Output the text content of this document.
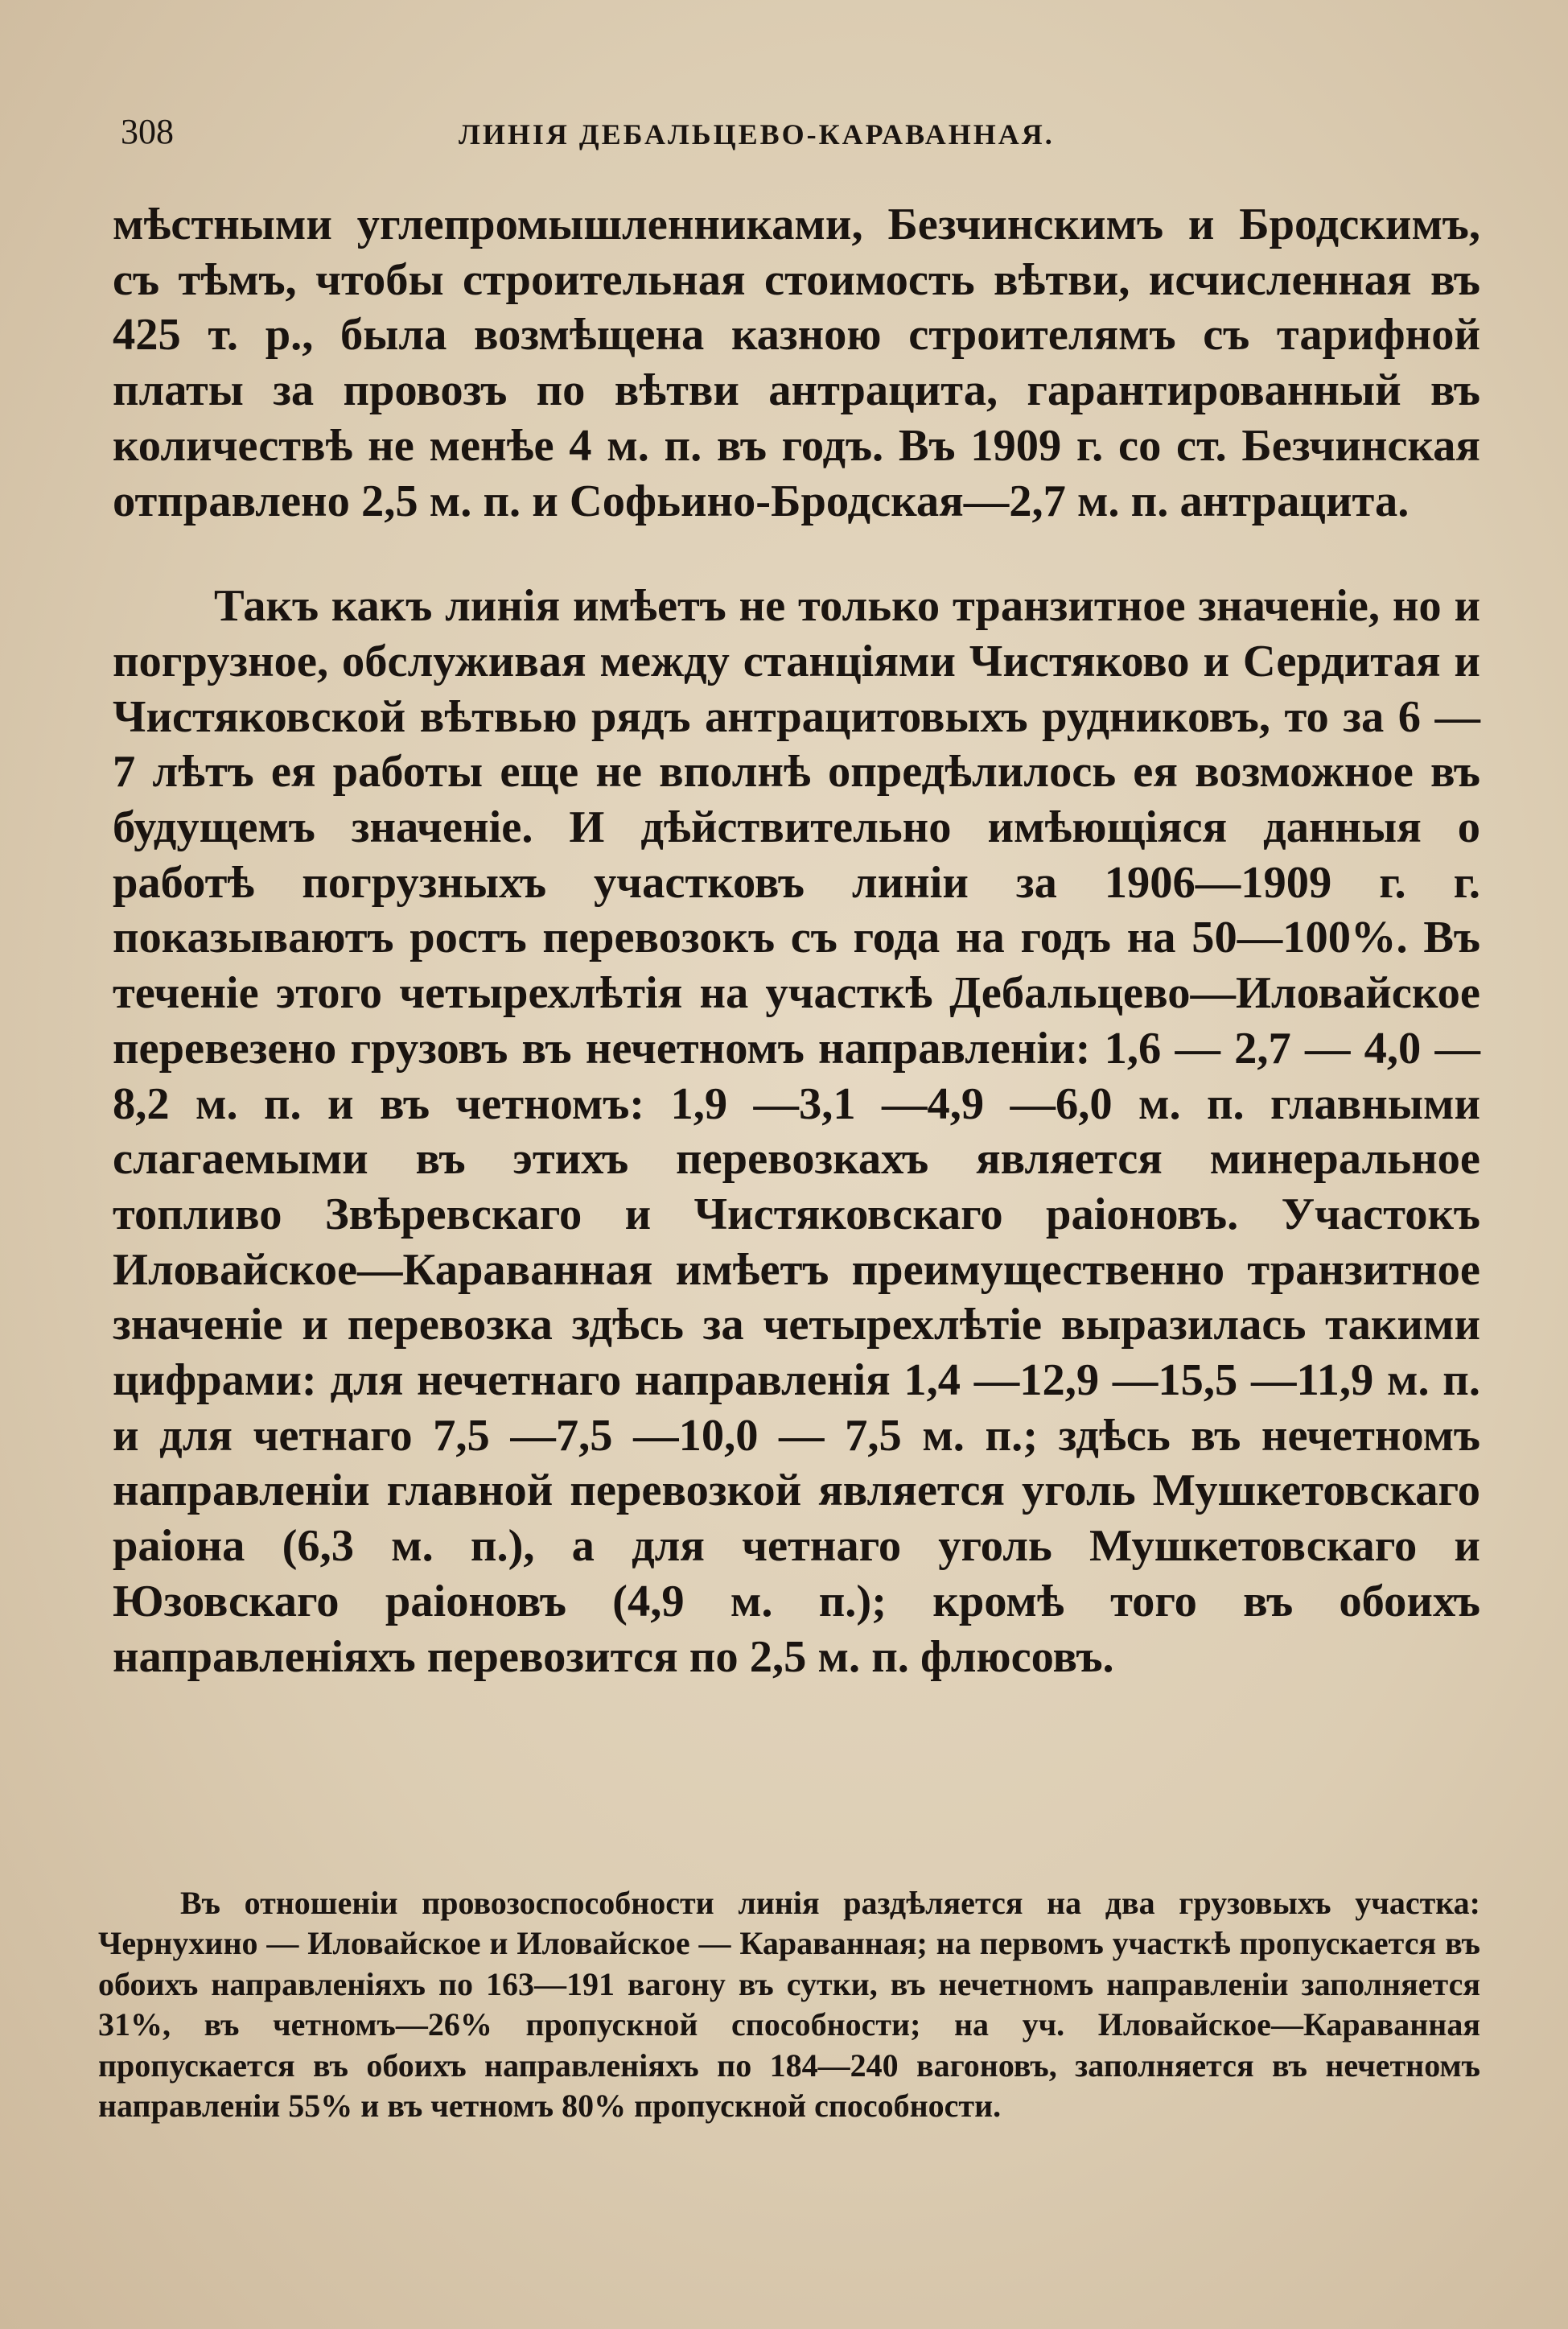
308	ЛИНІЯ ДЕБАЛЬЦЕВО-КАРАВАННАЯ.

мѣстными углепромышленниками, Безчинскимъ и Бродскимъ, съ тѣмъ, чтобы строительная стоимость вѣтви, исчисленная въ 425 т. р., была возмѣщена казною строителямъ съ тарифной платы за провозъ по вѣтви антрацита, гарантированный въ количествѣ не менѣе 4 м. п. въ годъ. Въ 1909 г. со ст. Безчинская отправлено 2,5 м. п. и Софьино-Бродская—2,7 м. п. антрацита.

Такъ какъ линія имѣетъ не только транзитное значеніе, но и погрузное, обслуживая между станціями Чистяково и Сердитая и Чистяковской вѣтвью рядъ антрацитовыхъ рудниковъ, то за 6 — 7 лѣтъ ея работы еще не вполнѣ опредѣлилось ея возможное въ будущемъ значеніе. И дѣйствительно имѣющіяся данныя о работѣ погрузныхъ участковъ линіи за 1906—1909 г. г. показываютъ ростъ перевозокъ съ года на годъ на 50—100%. Въ теченіе этого четырехлѣтія на участкѣ Дебальцево—Иловайское перевезено грузовъ въ нечетномъ направленіи: 1,6 — 2,7 — 4,0 —8,2 м. п. и въ четномъ: 1,9 —3,1 —4,9 —6,0 м. п. главными слагаемыми въ этихъ перевозкахъ является минеральное топливо Звѣревскаго и Чистяковскаго раіоновъ. Участокъ Иловайское—Караванная имѣетъ преимущественно транзитное значеніе и перевозка здѣсь за четырехлѣтіе выразилась такими цифрами: для нечетнаго направленія 1,4 —12,9 —15,5 —11,9 м. п. и для четнаго 7,5 —7,5 —10,0 — 7,5 м. п.; здѣсь въ нечетномъ направленіи главной перевозкой является уголь Мушкетовскаго раіона (6,3 м. п.), а для четнаго уголь Мушкетовскаго и Юзовскаго раіоновъ (4,9 м. п.); кромѣ того въ обоихъ направленіяхъ перевозится по 2,5 м. п. флюсовъ.

Въ отношеніи провозоспособности линія раздѣляется на два грузовыхъ участка: Чернухино — Иловайское и Иловайское — Караванная; на первомъ участкѣ пропускается въ обоихъ направленіяхъ по 163—191 вагону въ сутки, въ нечетномъ направленіи заполняется 31%, въ четномъ—26% пропускной способности; на уч. Иловайское—Караванная пропускается въ обоихъ направленіяхъ по 184—240 вагоновъ, заполняется въ нечетномъ направленіи 55% и въ четномъ 80% пропускной способности.
